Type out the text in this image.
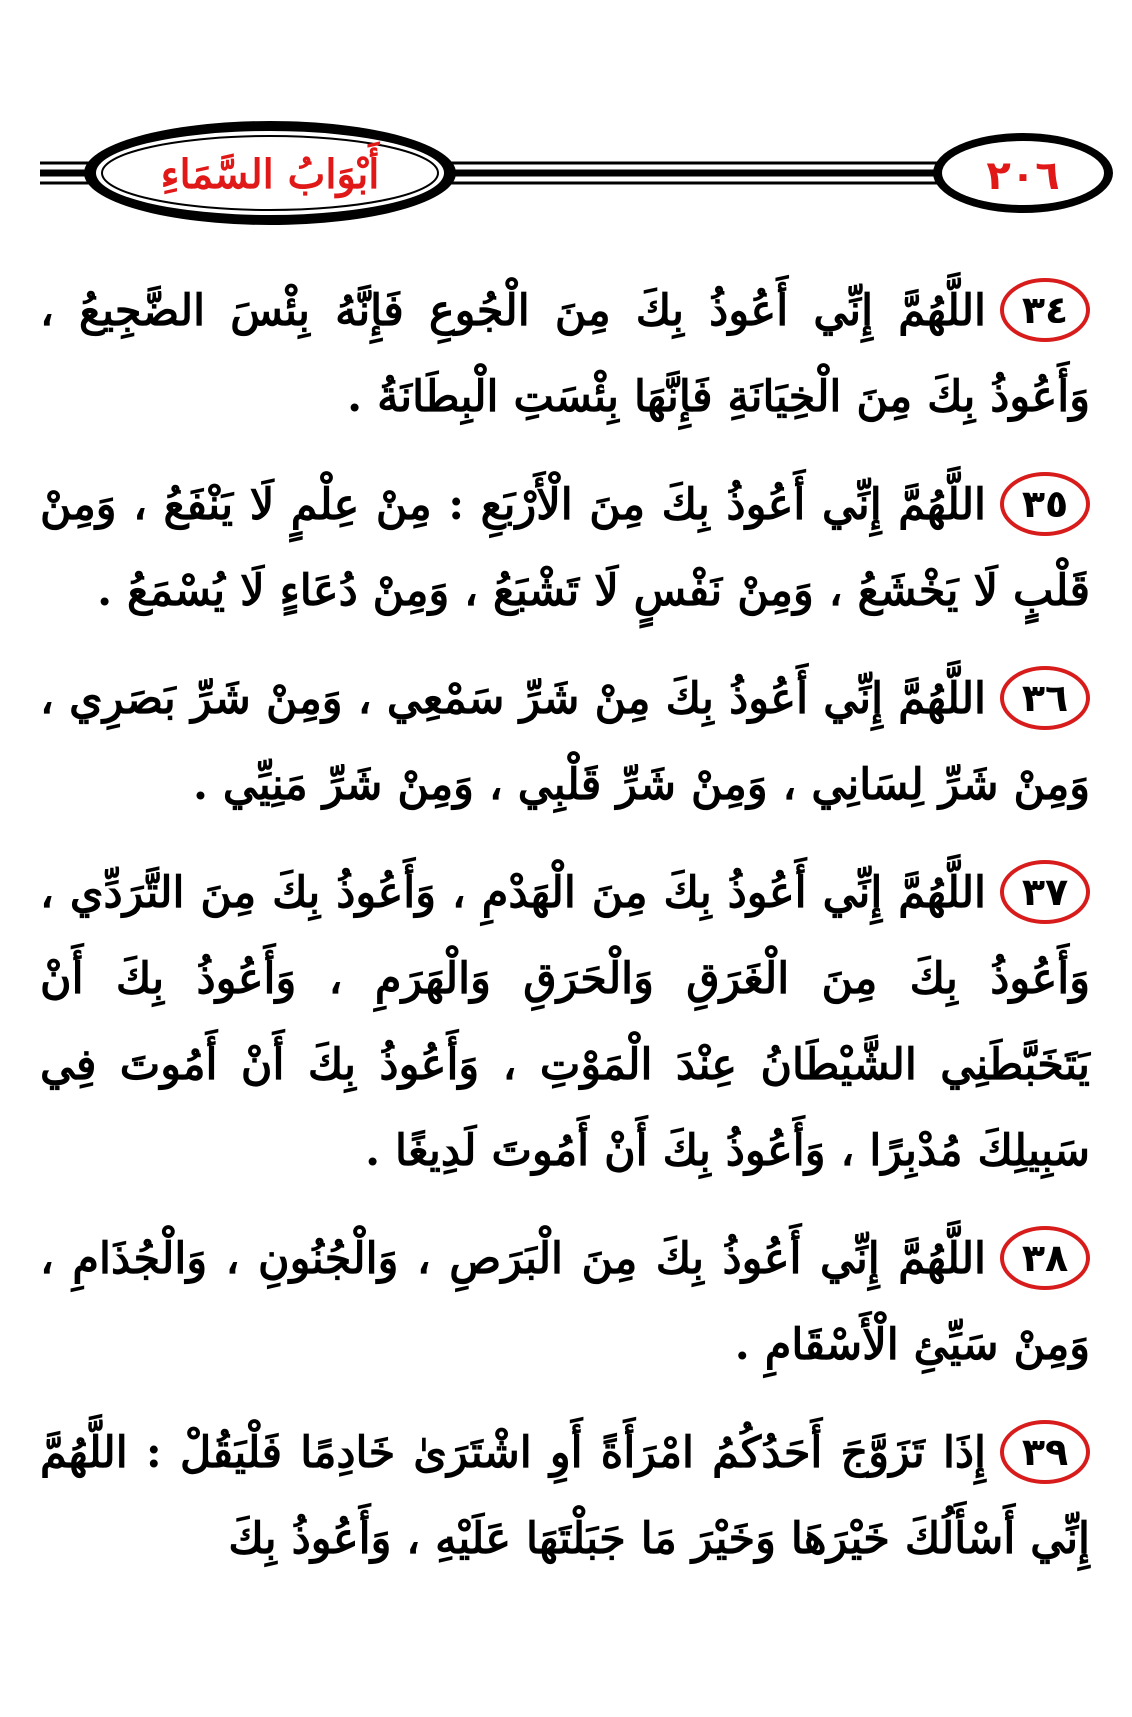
أَبْوَابُ السَّمَاءِ	٢٠٦

٣٤اللَّهُمَّ إِنِّي أَعُوذُ بِكَ مِنَ الْجُوعِ فَإِنَّهُ بِئْسَ الضَّجِيعُ ، وَأَعُوذُ بِكَ مِنَ الْخِيَانَةِ فَإِنَّهَا بِئْسَتِ الْبِطَانَةُ .

٣٥اللَّهُمَّ إِنِّي أَعُوذُ بِكَ مِنَ الْأَرْبَعِ : مِنْ عِلْمٍ لَا يَنْفَعُ ، وَمِنْ قَلْبٍ لَا يَخْشَعُ ، وَمِنْ نَفْسٍ لَا تَشْبَعُ ، وَمِنْ دُعَاءٍ لَا يُسْمَعُ .

٣٦اللَّهُمَّ إِنِّي أَعُوذُ بِكَ مِنْ شَرِّ سَمْعِي ، وَمِنْ شَرِّ بَصَرِي ، وَمِنْ شَرِّ لِسَانِي ، وَمِنْ شَرِّ قَلْبِي ، وَمِنْ شَرِّ مَنِيِّي .

٣٧اللَّهُمَّ إِنِّي أَعُوذُ بِكَ مِنَ الْهَدْمِ ، وَأَعُوذُ بِكَ مِنَ التَّرَدِّي ، وَأَعُوذُ بِكَ مِنَ الْغَرَقِ وَالْحَرَقِ وَالْهَرَمِ ، وَأَعُوذُ بِكَ أَنْ يَتَخَبَّطَنِي الشَّيْطَانُ عِنْدَ الْمَوْتِ ، وَأَعُوذُ بِكَ أَنْ أَمُوتَ فِي سَبِيلِكَ مُدْبِرًا ، وَأَعُوذُ بِكَ أَنْ أَمُوتَ لَدِيغًا .

٣٨اللَّهُمَّ إِنِّي أَعُوذُ بِكَ مِنَ الْبَرَصِ ، وَالْجُنُونِ ، وَالْجُذَامِ ، وَمِنْ سَيِّئِ الْأَسْقَامِ .

٣٩إِذَا تَزَوَّجَ أَحَدُكُمُ امْرَأَةً أَوِ اشْتَرَىٰ خَادِمًا فَلْيَقُلْ : اللَّهُمَّ إِنِّي أَسْأَلُكَ خَيْرَهَا وَخَيْرَ مَا جَبَلْتَهَا عَلَيْهِ ، وَأَعُوذُ بِكَ
